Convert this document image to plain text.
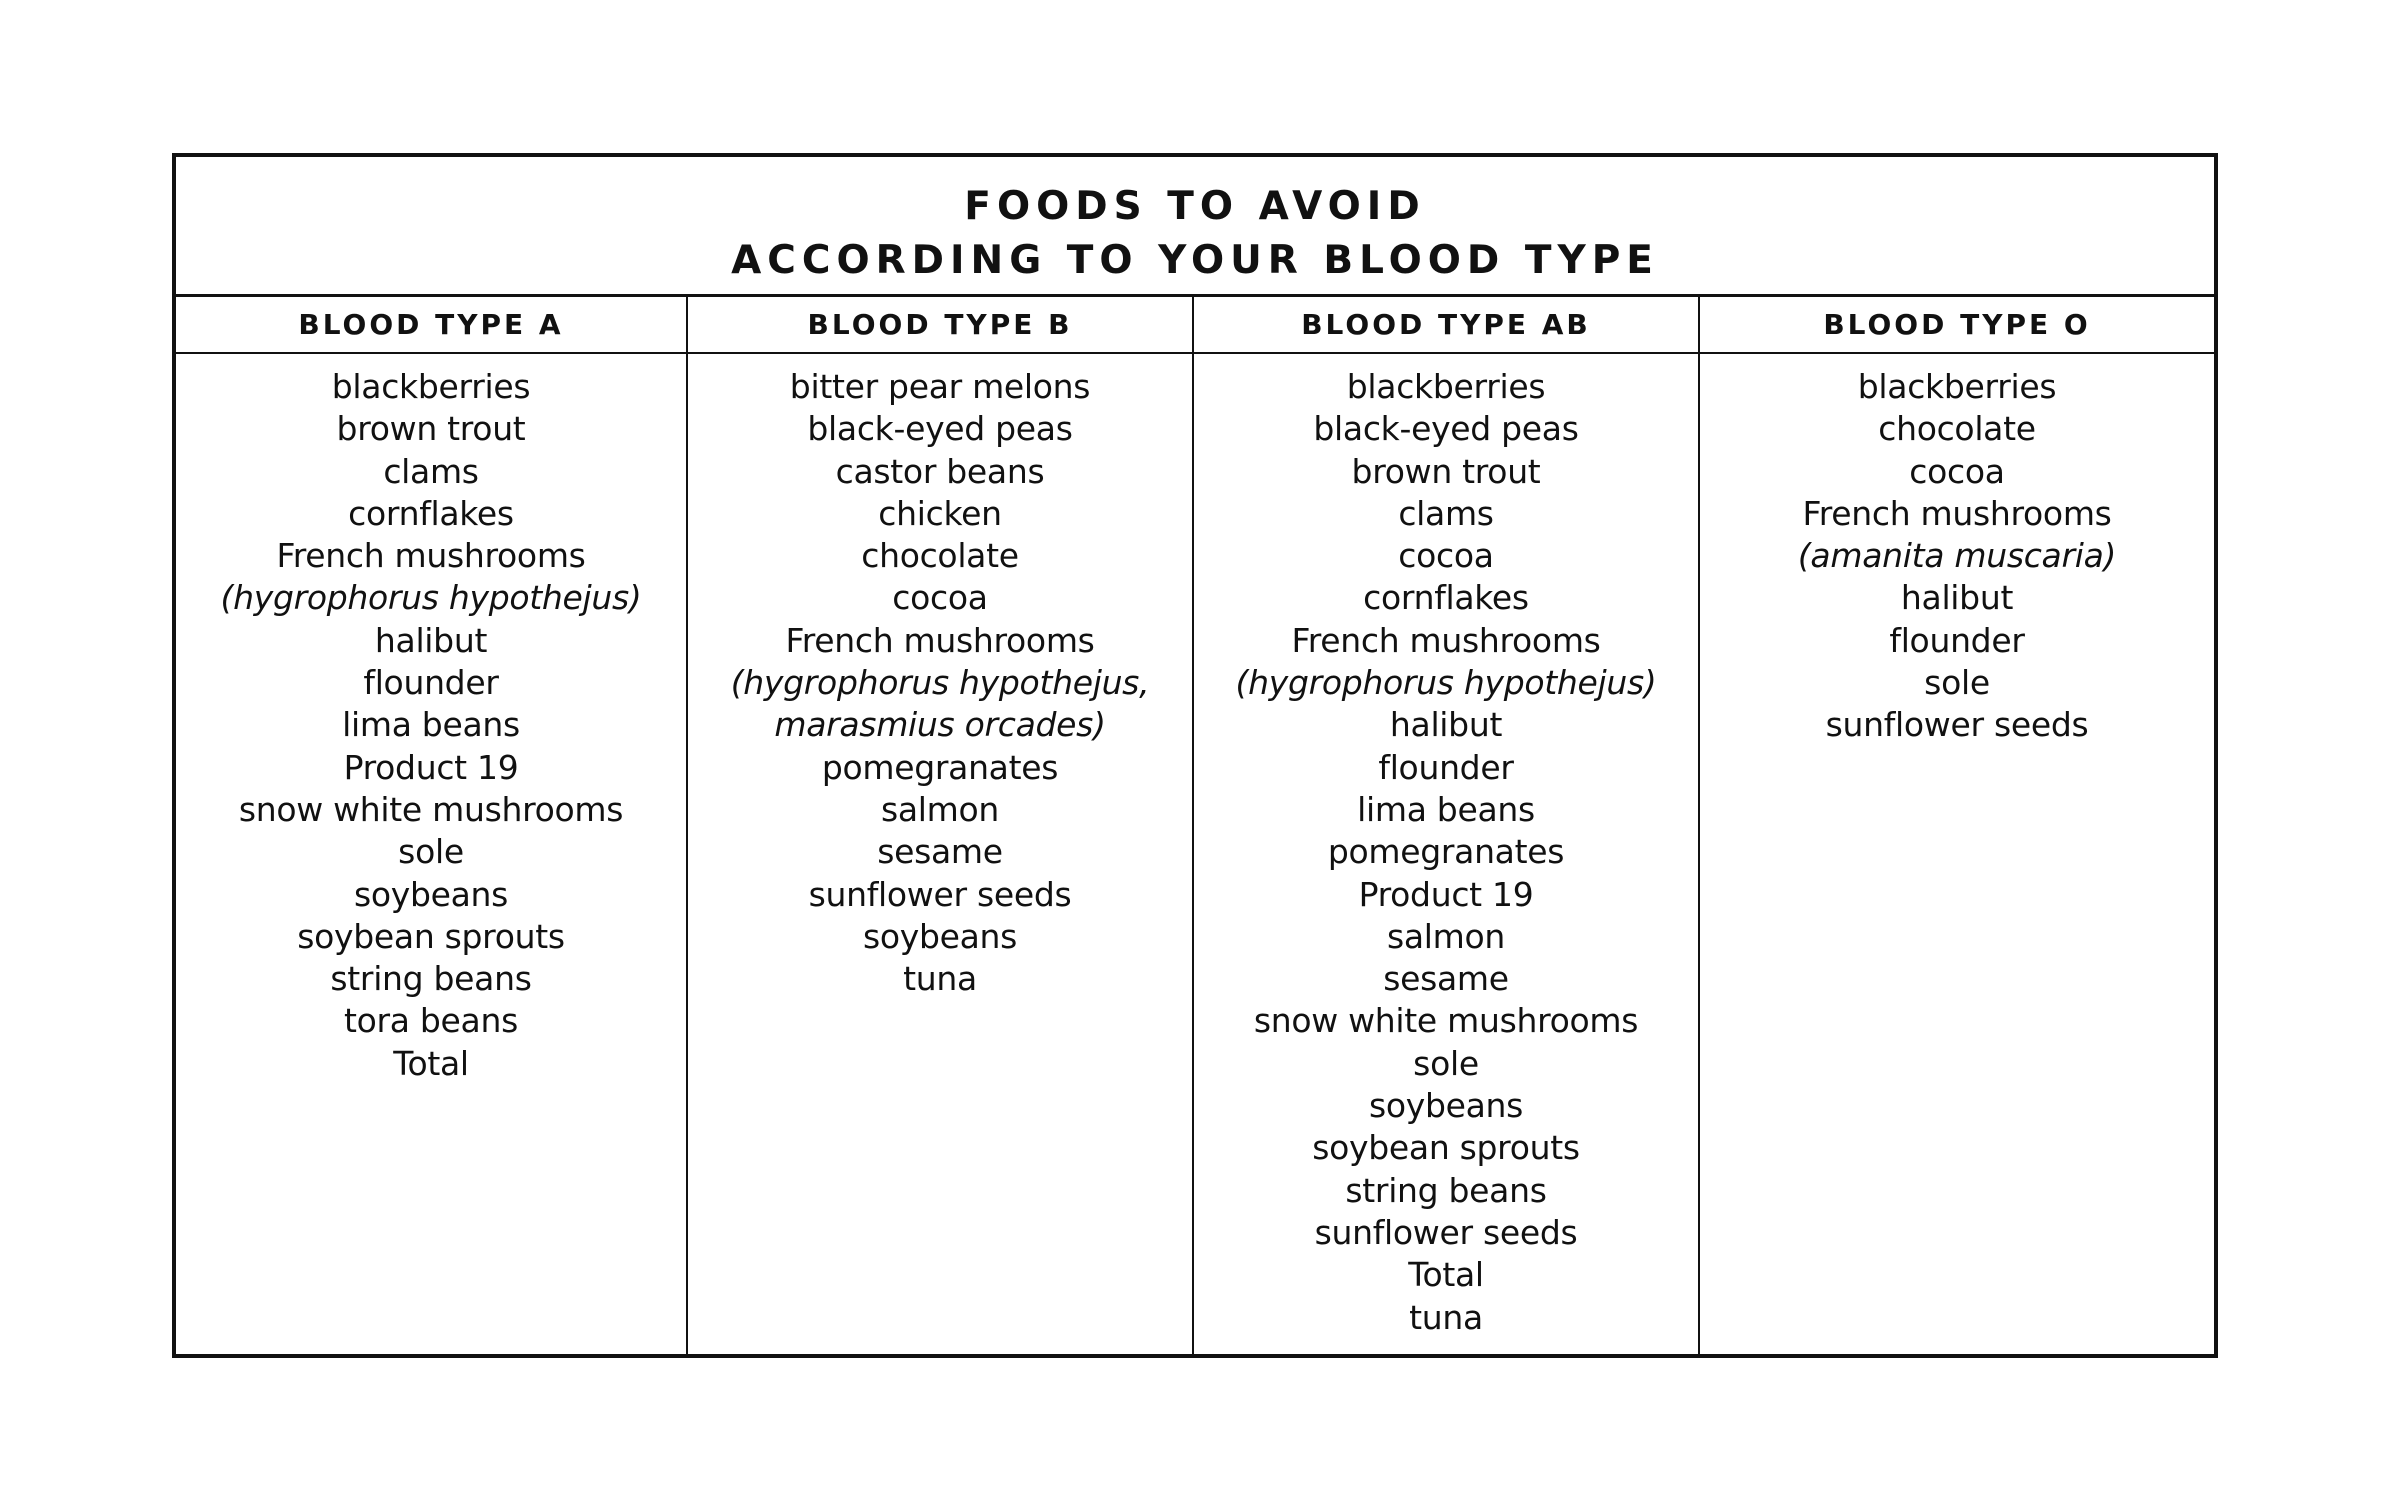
FOODS TO AVOID
ACCORDING TO YOUR BLOOD TYPE
BLOOD TYPE A
blackberries
brown trout
clams
cornflakes
French mushrooms
(hygrophorus hypothejus)
halibut
flounder
lima beans
Product 19
snow white mushrooms
sole
soybeans
soybean sprouts
string beans
tora beans
Total
BLOOD TYPE B
bitter pear melons
black-eyed peas
castor beans
chicken
chocolate
cocoa
French mushrooms
(hygrophorus hypothejus,
marasmius orcades)
pomegranates
salmon
sesame
sunflower seeds
soybeans
tuna
BLOOD TYPE AB
blackberries
black-eyed peas
brown trout
clams
cocoa
cornflakes
French mushrooms
(hygrophorus hypothejus)
halibut
flounder
lima beans
pomegranates
Product 19
salmon
sesame
snow white mushrooms
sole
soybeans
soybean sprouts
string beans
sunflower seeds
Total
tuna
BLOOD TYPE O
blackberries
chocolate
cocoa
French mushrooms
(amanita muscaria)
halibut
flounder
sole
sunflower seeds
